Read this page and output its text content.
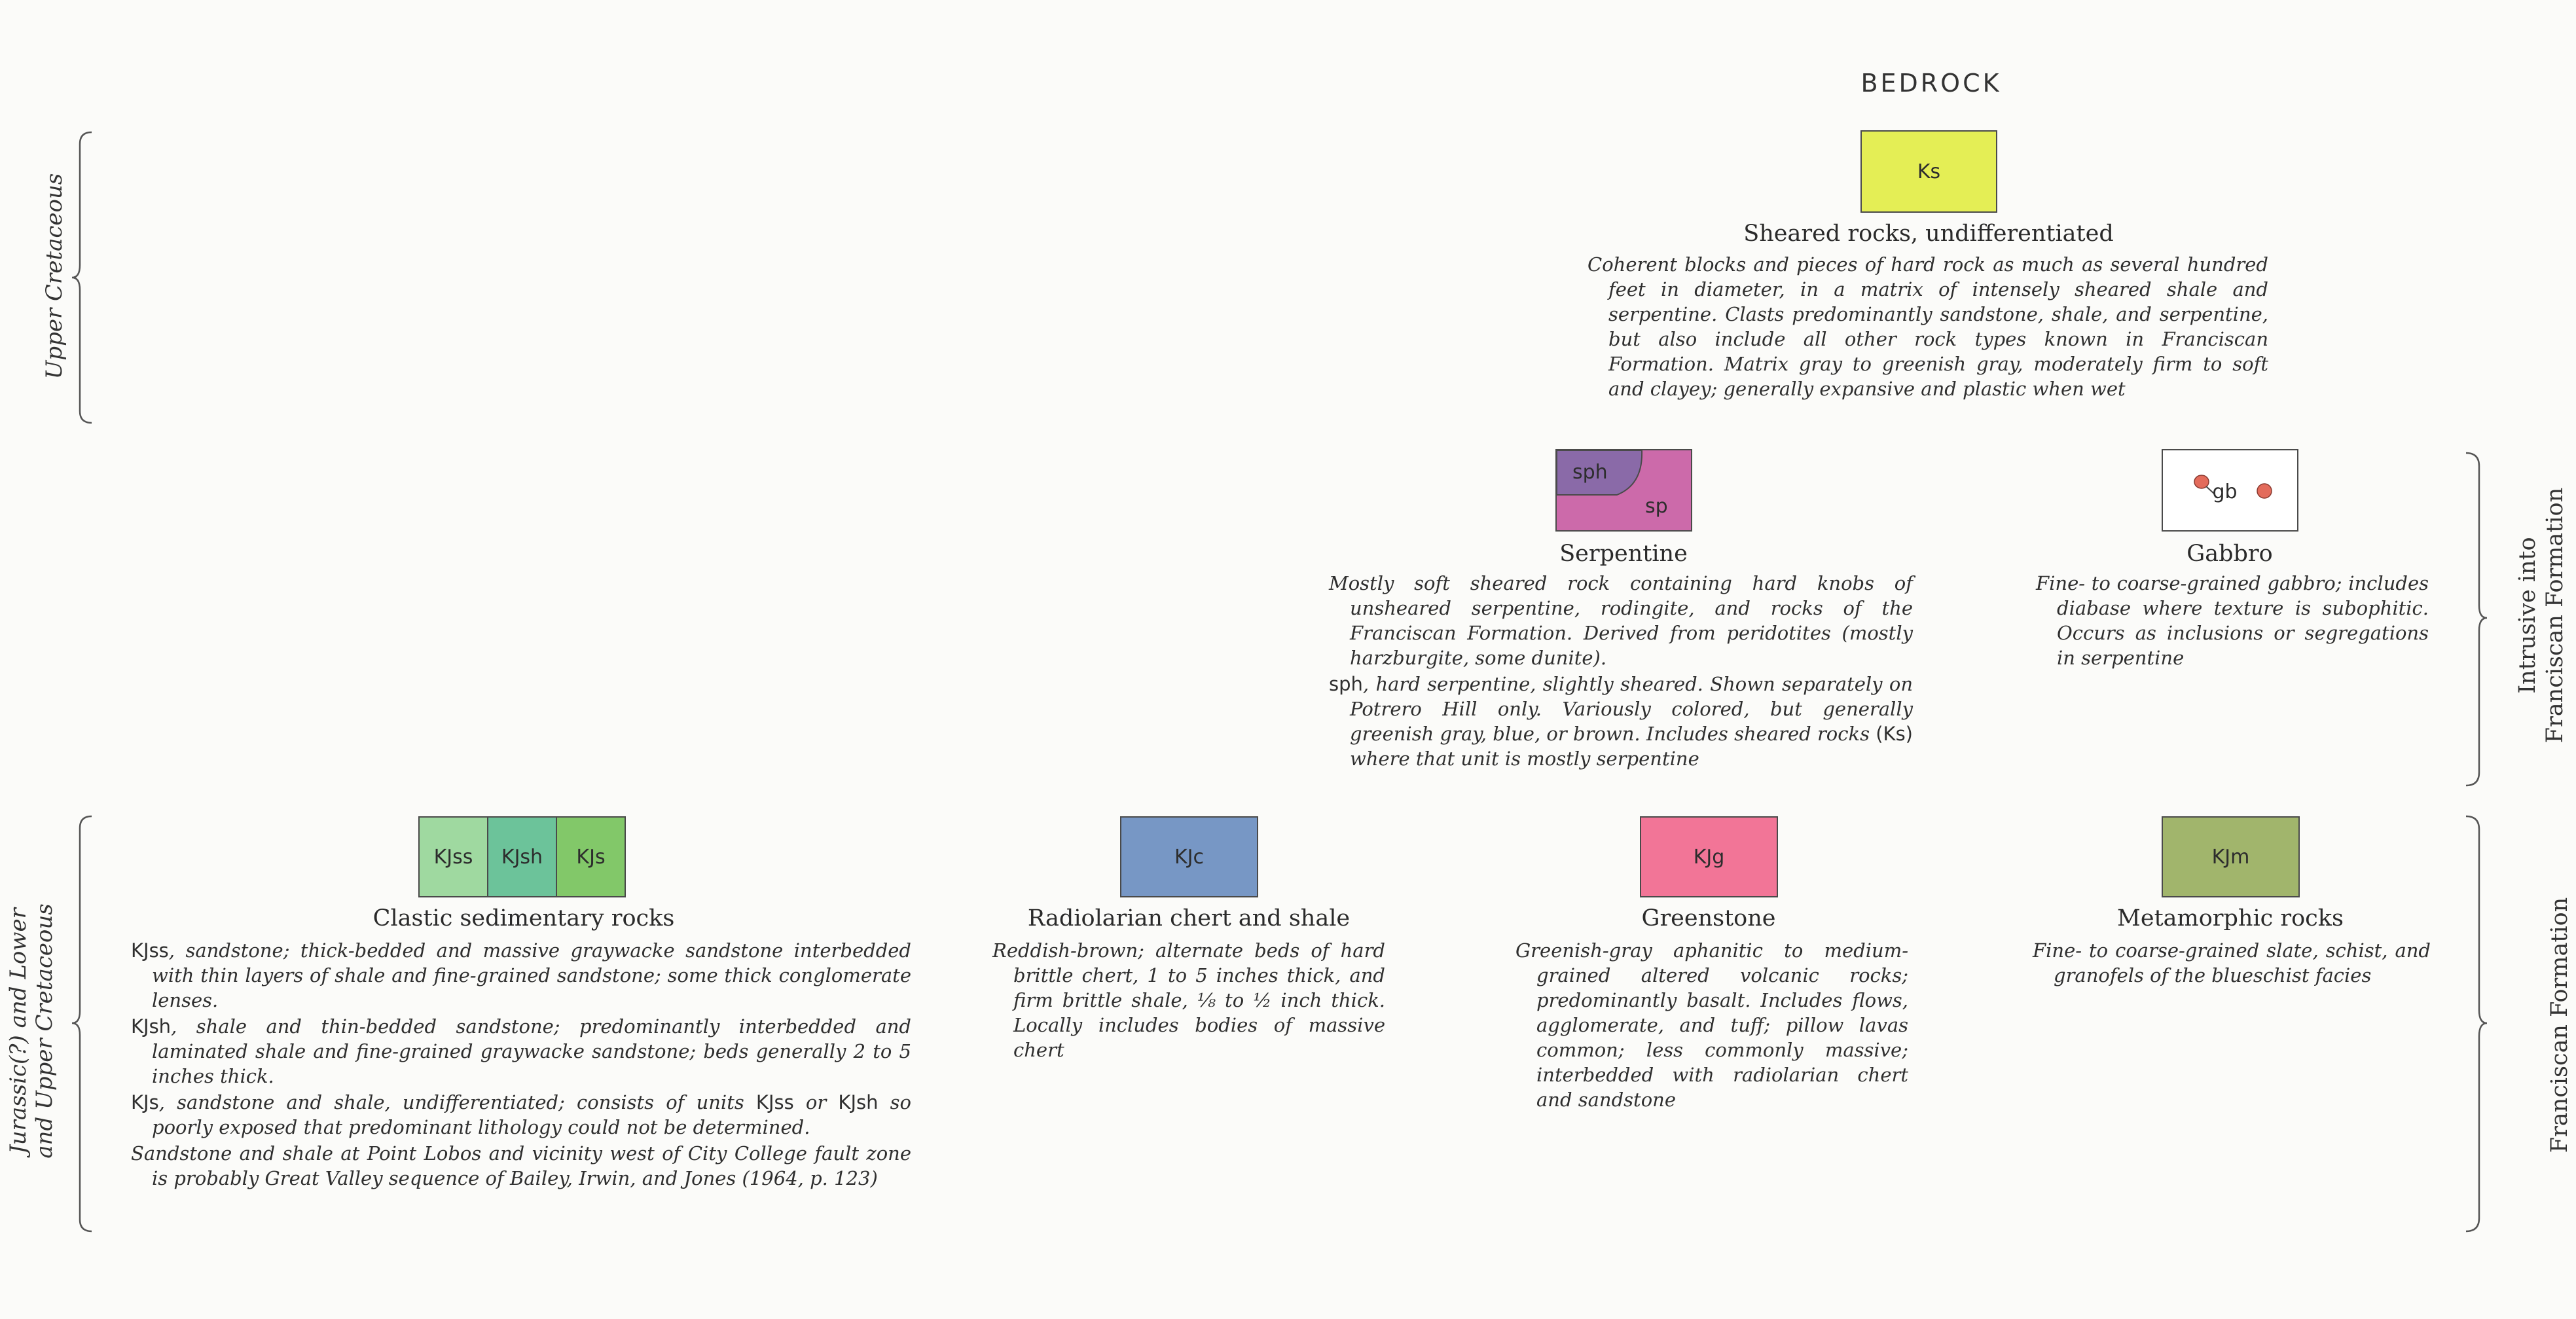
BEDROCK
Upper Cretaceous
Jurassic(?) and Lower and Upper Cretaceous
Intrusive into Franciscan Formation
Franciscan Formation
Ks
Sheared rocks, undifferentiated

Coherent blocks and pieces of hard rock as much as several hundred feet in diameter, in a matrix of intensely sheared shale and serpentine. Clasts predominantly sandstone, shale, and serpentine, but also include all other rock types known in Franciscan Formation. Matrix gray to greenish gray, moderately firm to soft and clayey; generally expansive and plastic when wet

sph
sp
Serpentine

Mostly soft sheared rock containing hard knobs of unsheared serpentine, rodingite, and rocks of the Franciscan Formation. Derived from peridotites (mostly harzburgite, some dunite).

sph, hard serpentine, slightly sheared. Shown separately on Potrero Hill only. Variously colored, but generally greenish gray, blue, or brown. Includes sheared rocks (Ks) where that unit is mostly serpentine

gb
Gabbro

Fine- to coarse-grained gabbro; includes diabase where texture is subophitic. Occurs as inclusions or segregations in serpentine

KJss KJsh KJs
Clastic sedimentary rocks

KJss, sandstone; thick-bedded and massive graywacke sandstone interbedded with thin layers of shale and fine-grained sandstone; some thick conglomerate lenses.

KJsh, shale and thin-bedded sandstone; predominantly interbedded and laminated shale and fine-grained graywacke sandstone; beds generally 2 to 5 inches thick.

KJs, sandstone and shale, undifferentiated; consists of units KJss or KJsh so poorly exposed that predominant lithology could not be determined.

Sandstone and shale at Point Lobos and vicinity west of City College fault zone is probably Great Valley sequence of Bailey, Irwin, and Jones (1964, p. 123)

KJc
Radiolarian chert and shale

Reddish-brown; alternate beds of hard brittle chert, 1 to 5 inches thick, and firm brittle shale, ⅛ to ½ inch thick. Locally includes bodies of massive chert

KJg
Greenstone

Greenish-gray aphanitic to medium-grained altered volcanic rocks; predominantly basalt. Includes flows, agglomerate, and tuff; pillow lavas common; less commonly massive; interbedded with radiolarian chert and sandstone

KJm
Metamorphic rocks

Fine- to coarse-grained slate, schist, and granofels of the blueschist facies
